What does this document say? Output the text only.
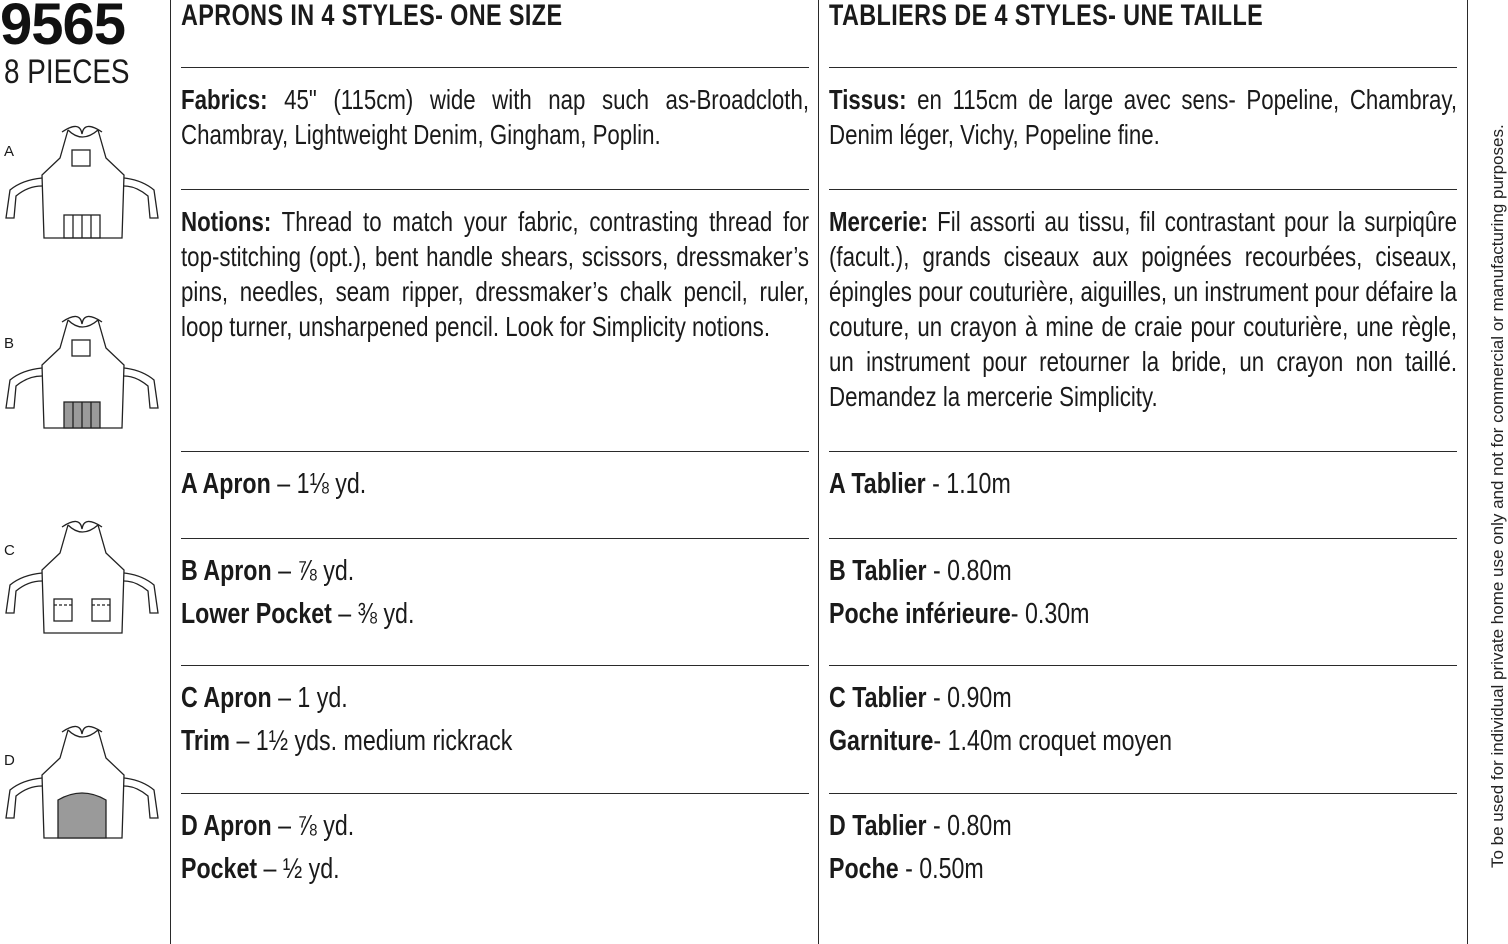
9565
8 PIECES
A
B
C
D
APRONS IN 4 STYLES- ONE SIZE	TABLIERS DE 4 STYLES- UNE TAILLE
Fabrics: 45" (115cm) wide with nap such as-Broadcloth, Chambray, Lightweight Denim, Gingham, Poplin.
Tissus: en 115cm de large avec sens- Popeline, Chambray, Denim léger, Vichy, Popeline fine.
Notions: Thread to match your fabric, contrasting thread for top-stitching (opt.), bent handle shears, scissors, dressmaker’s pins, needles, seam ripper, dressmaker’s chalk pencil, ruler, loop turner, unsharpened pencil. Look for Simplicity notions.
Mercerie: Fil assorti au tissu, fil contrastant pour la surpiqûre (facult.), grands ciseaux aux poignées recourbées, ciseaux, épingles pour couturière, aiguilles, un instrument pour défaire la couture, un crayon à mine de craie pour couturière, une règle, un instrument pour retourner la bride, un crayon non taillé. Demandez la mercerie Simplicity.
A Apron – 1⅛ yd.
B Apron – ⅞ yd.
Lower Pocket – ⅜ yd.
C Apron – 1 yd.
Trim – 1½ yds. medium rickrack
D Apron – ⅞ yd.
Pocket – ½ yd.
A Tablier - 1.10m
B Tablier - 0.80m
Poche inférieure- 0.30m
C Tablier - 0.90m
Garniture- 1.40m croquet moyen
D Tablier - 0.80m
Poche - 0.50m
To be used for individual private home use only and not for commercial or manufacturing purposes.
